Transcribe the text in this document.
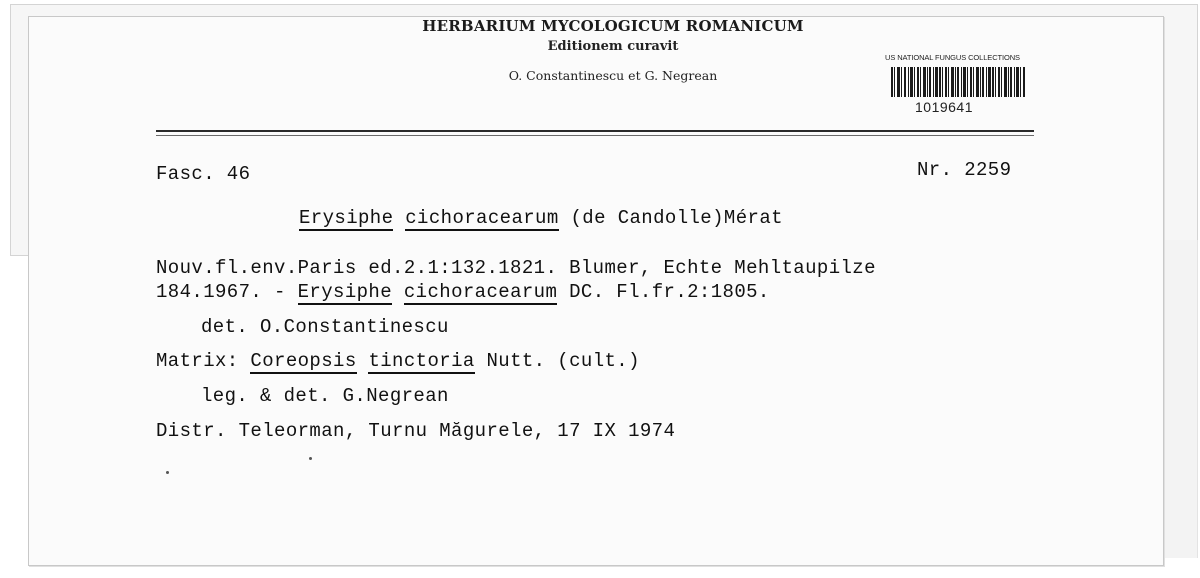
HERBARIUM MYCOLOGICUM ROMANICUM
Editionem curavit
O. Constantinescu et G. Negrean
US NATIONAL FUNGUS COLLECTIONS
1019641
Fasc. 46	Nr. 2259
Erysiphe cichoracearum (de Candolle)Mérat
Nouv.fl.env.Paris ed.2.1:132.1821. Blumer, Echte Mehltaupilze
184.1967. - Erysiphe cichoracearum DC. Fl.fr.2:1805.
det. O.Constantinescu
Matrix: Coreopsis tinctoria Nutt. (cult.)
leg. & det. G.Negrean
Distr. Teleorman, Turnu Măgurele, 17 IX 1974
